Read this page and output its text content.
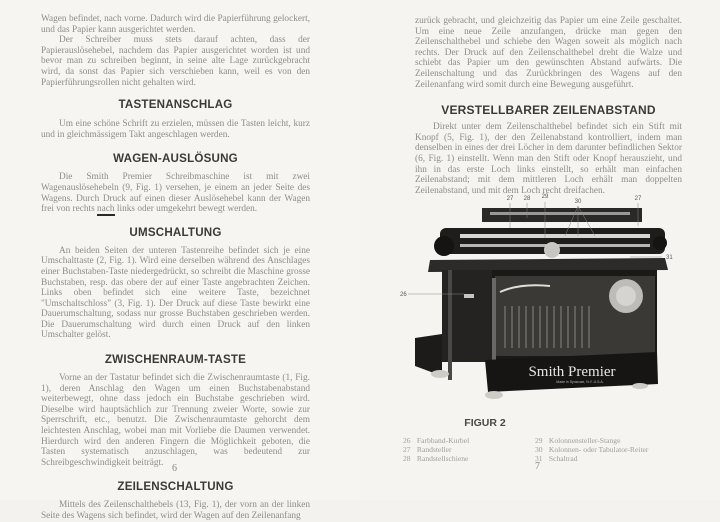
Wagen befindet, nach vorne. Dadurch wird die Papierführung gelockert, und das Papier kann ausgerichtet werden.

Der Schreiber muss stets darauf achten, dass der Papierauslösehebel, nachdem das Papier ausgerichtet worden ist und bevor man zu schreiben beginnt, in seine alte Lage zurückgebracht wird, da sonst das Papier sich verschieben kann, weil es von den Papierführungsrollen nicht gehalten wird.

TASTENANSCHLAG

Um eine schöne Schrift zu erzielen, müssen die Tasten leicht, kurz und in gleichmässigem Takt angeschlagen werden.

WAGEN-AUSLÖSUNG

Die Smith Premier Schreibmaschine ist mit zwei Wagenauslösehebeln (9, Fig. 1) versehen, je einem an jeder Seite des Wagens. Durch Druck auf einen dieser Auslösehebel kann der Wagen frei von rechts nach links oder umgekehrt bewegt werden.

UMSCHALTUNG

An beiden Seiten der unteren Tastenreihe befindet sich je eine Umschalttaste (2, Fig. 1). Wird eine derselben während des Anschlages einer Buchstaben-Taste niedergedrückt, so schreibt die Maschine grosse Buchstaben, resp. das obere der auf einer Taste angebrachten Zeichen. Links oben befindet sich eine weitere Taste, bezeichnet "Umschaltschloss" (3, Fig. 1). Der Druck auf diese Taste bewirkt eine Dauerumschaltung, sodass nur grosse Buchstaben geschrieben werden. Die Dauerumschaltung wird durch einen Druck auf den linken Umschalter gelöst.

ZWISCHENRAUM-TASTE

Vorne an der Tastatur befindet sich die Zwischenraumtaste (1, Fig. 1), deren Anschlag den Wagen um einen Buchstabenabstand weiterbewegt, ohne dass jedoch ein Buchstabe geschrieben wird. Dieselbe wird hauptsächlich zur Trennung zweier Worte, sowie zur Sperrschrift, etc., benutzt. Die Zwischenraumtaste gehorcht dem leichtesten Anschlag, wobei man mit Vorliebe die Daumen verwendet. Hierdurch wird den anderen Fingern die Möglichkeit geboten, die Tasten systematisch anzuschlagen, was bedeutend zur Schreibgeschwindigkeit beiträgt.

ZEILENSCHALTUNG

Mittels des Zeilenschalthebels (13, Fig. 1), der vorn an der linken Seite des Wagens sich befindet, wird der Wagen auf den Zeilenanfang

6

zurück gebracht, und gleichzeitig das Papier um eine Zeile geschaltet. Um eine neue Zeile anzufangen, drücke man gegen den Zeilenschalthebel und schiebe den Wagen soweit als möglich nach rechts. Der Druck auf den Zeilenschalthebel dreht die Walze und schiebt das Papier um den gewünschten Abstand aufwärts. Die Zeilenschaltung und das Zurückbringen des Wagens auf den Zeilenanfang wird somit durch eine Bewegung ausgeführt.

VERSTELLBARER ZEILENABSTAND

Direkt unter dem Zeilenschalthebel befindet sich ein Stift mit Knopf (5, Fig. 1), der den Zeilenabstand kontrolliert, indem man denselben in eines der drei Löcher in dem darunter befindlichen Sektor (6, Fig. 1) einstellt. Wenn man den Stift oder Knopf herauszieht, und ihn in das erste Loch links einstellt, so erhält man einfachen Zeilenabstand; mit dem mittleren Loch erhält man doppelten Zeilenabstand, und mit dem Loch recht dreifachen.

Smith Premier
Made in Syracuse, N.Y. U.S.A.
27 28 29
30	27
31
26
FIGUR 2
26 Farbband-Kurbel
27 Randsteller
28 Randstellschiene
29 Kolonnensteller-Stange
30 Kolonnen- oder Tabulator-Reiter
31 Schaltrad
7
